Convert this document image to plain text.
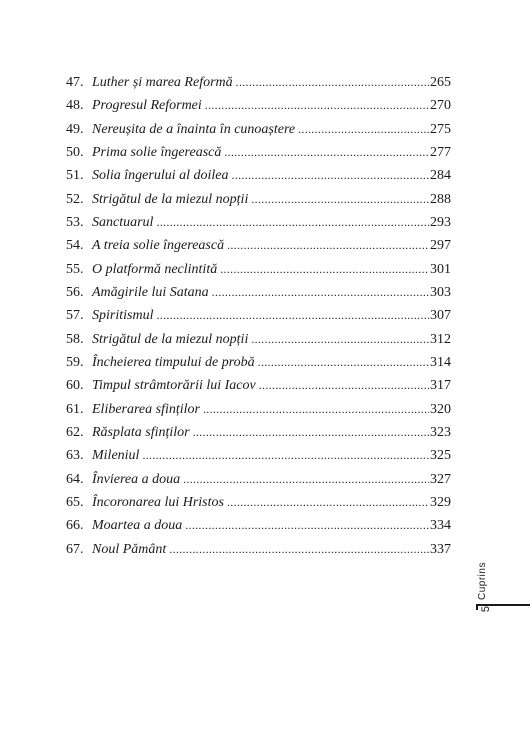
47. Luther și marea Reformă .....	265
48. Progresul Reformei .....	270
49. Nereușita de a înainta în cunoaștere .....	275
50. Prima solie îngerească .....	277
51. Solia îngerului al doilea .....	284
52. Strigătul de la miezul nopții .....	288
53. Sanctuarul .....	293
54. A treia solie îngerească .....	297
55. O platformă neclintită .....	301
56. Amăgirile lui Satana .....	303
57. Spiritismul .....	307
58. Strigătul de la miezul nopții .....	312
59. Încheierea timpului de probă .....	314
60. Timpul strâmtorării lui Iacov .....	317
61. Eliberarea sfinților .....	320
62. Răsplata sfinților .....	323
63. Mileniul .....	325
64. Învierea a doua .....	327
65. Încoronarea lui Hristos .....	329
66. Moartea a doua .....	334
67. Noul Pământ .....	337
Cuprins
5
